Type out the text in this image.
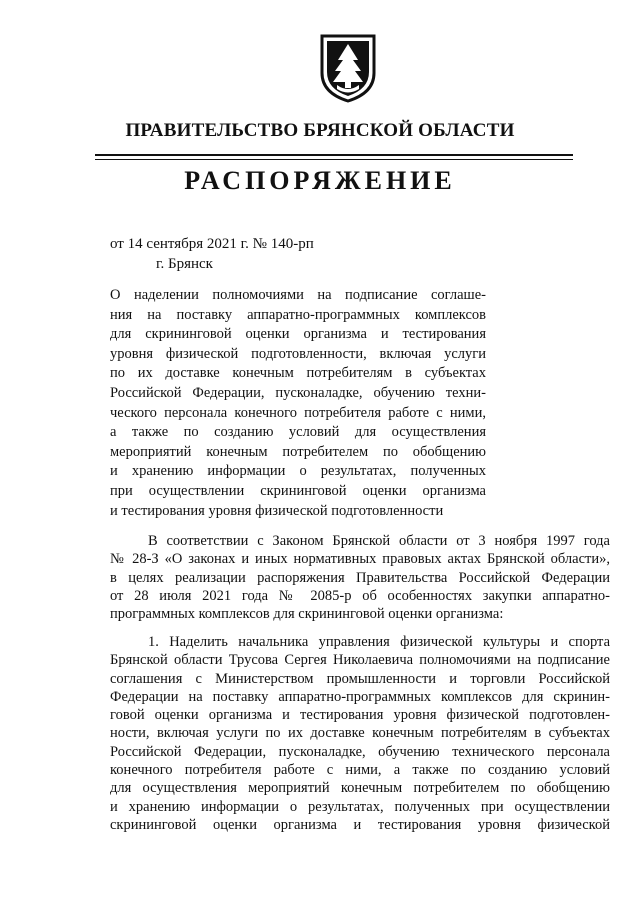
ПРАВИТЕЛЬСТВО БРЯНСКОЙ ОБЛАСТИ
РАСПОРЯЖЕНИЕ
от 14 сентября 2021 г. № 140-рп
г. Брянск
О наделении полномочиями на подписание соглаше-
ния на поставку аппаратно-программных комплексов
для скрининговой оценки организма и тестирования
уровня физической подготовленности, включая услуги
по их доставке конечным потребителям в субъектах
Российской Федерации, пусконаладке, обучению техни-
ческого персонала конечного потребителя работе с ними,
а также по созданию условий для осуществления
мероприятий конечным потребителем по обобщению
и хранению информации о результатах, полученных
при осуществлении скрининговой оценки организма
и тестирования уровня физической подготовленности
В соответствии с Законом Брянской области от 3 ноября 1997 года
№ 28-З «О законах и иных нормативных правовых актах Брянской области»,
в целях реализации распоряжения Правительства Российской Федерации
от 28 июля 2021 года № 2085-р об особенностях закупки аппаратно-
программных комплексов для скрининговой оценки организма:
1. Наделить начальника управления физической культуры и спорта
Брянской области Трусова Сергея Николаевича полномочиями на подписание
соглашения с Министерством промышленности и торговли Российской
Федерации на поставку аппаратно-программных комплексов для скринин-
говой оценки организма и тестирования уровня физической подготовлен-
ности, включая услуги по их доставке конечным потребителям в субъектах
Российской Федерации, пусконаладке, обучению технического персонала
конечного потребителя работе с ними, а также по созданию условий
для осуществления мероприятий конечным потребителем по обобщению
и хранению информации о результатах, полученных при осуществлении
скрининговой оценки организма и тестирования уровня физической
